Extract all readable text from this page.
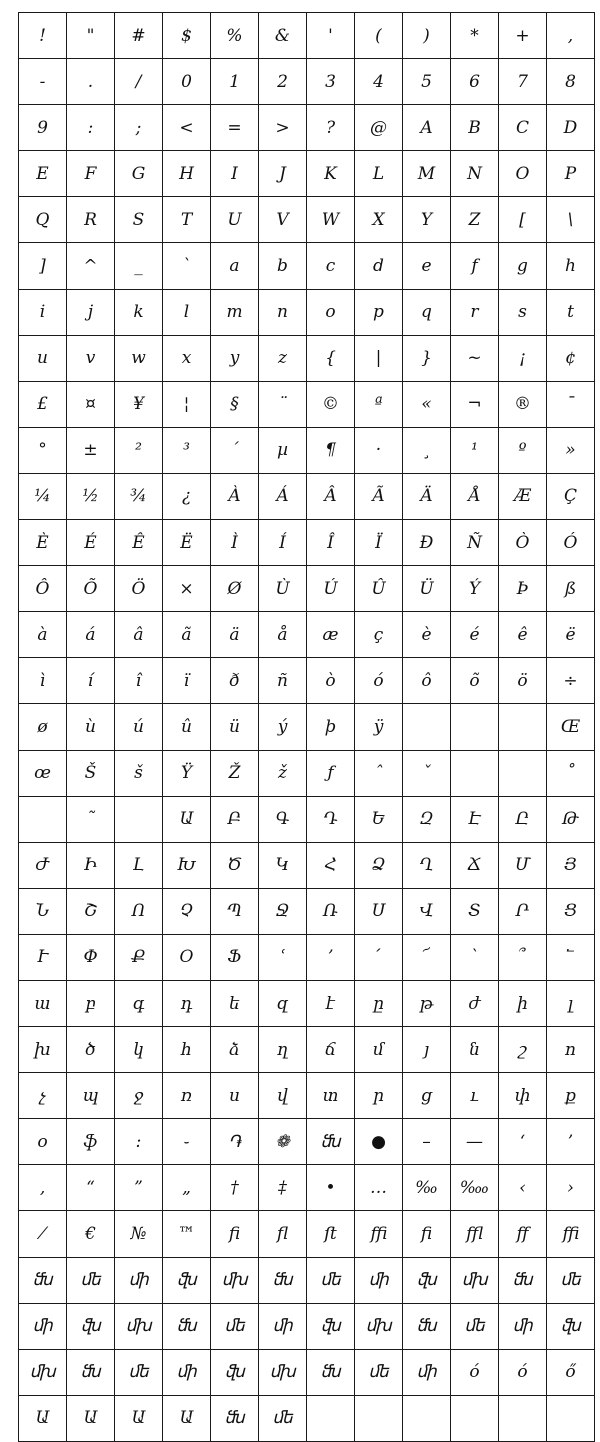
!	"	#	$	%	&	'	(	)	*	+	,
-	.	/	0	1	2	3	4	5	6	7	8
9	:	;	<	=	>	?	@	A	B	C	D
E	F	G	H	I	J	K	L	M	N	O	P
Q	R	S	T	U	V	W	X	Y	Z	[	\
]	^	_	`	a	b	c	d	e	f	g	h
i	j	k	l	m	n	o	p	q	r	s	t
u	v	w	x	y	z	{	|	}	~	¡	¢
£	¤	¥	¦	§	¨	©	ª	«	¬	®	¯
°	±	²	³	´	µ	¶	·	¸	¹	º	»
¼	½	¾	¿	À	Á	Â	Ã	Ä	Å	Æ	Ç
È	É	Ê	Ë	Ì	Í	Î	Ï	Ð	Ñ	Ò	Ó
Ô	Õ	Ö	×	Ø	Ù	Ú	Û	Ü	Ý	Þ	ß
à	á	â	ã	ä	å	æ	ç	è	é	ê	ë
ì	í	î	ï	ð	ñ	ò	ó	ô	õ	ö	÷
ø	ù	ú	û	ü	ý	þ	ÿ				Œ
œ	Š	š	Ÿ	Ž	ž	ƒ	ˆ	ˇ			˚
	˜		Ա	Բ	Գ	Դ	Ե	Զ	Է	Ը	Թ
Ժ	Ի	Լ	Խ	Ծ	Կ	Հ	Ձ	Ղ	Ճ	Մ	Յ
Ն	Շ	Ո	Չ	Պ	Ջ	Ռ	Ս	Վ	Տ	Ր	Ց
Ւ	Փ	Ք	Օ	Ֆ	ՙ	՚	՛	՜	՝	՞	՟
ա	բ	գ	դ	ե	զ	է	ը	թ	ժ	ի	լ
խ	ծ	կ	հ	ձ	ղ	ճ	մ	յ	ն	շ	ո
չ	պ	ջ	ռ	ս	վ	տ	ր	ց	ւ	փ	ք
օ	ֆ	։	֊	֏	❁	ﬓ	●	–	—	‘	’
‚	“	”	„	†	‡	•	…	‰	‱	‹	›
⁄	€	№	™	ﬁ	ﬂ	ﬅ	ﬃ	ﬁ	ﬄ	ﬀ	ﬃ
ﬓ	ﬔ	ﬕ	ﬖ	ﬗ	ﬓ	ﬔ	ﬕ	ﬖ	ﬗ	ﬓ	ﬔ
ﬕ	ﬖ	ﬗ	ﬓ	ﬔ	ﬕ	ﬖ	ﬗ	ﬓ	ﬔ	ﬕ	ﬖ
ﬗ	ﬓ	ﬔ	ﬕ	ﬖ	ﬗ	ﬓ	ﬔ	ﬕ	ó	ó	ő
Ա	Ա	Ա	Ա	ﬓ	ﬔ						
